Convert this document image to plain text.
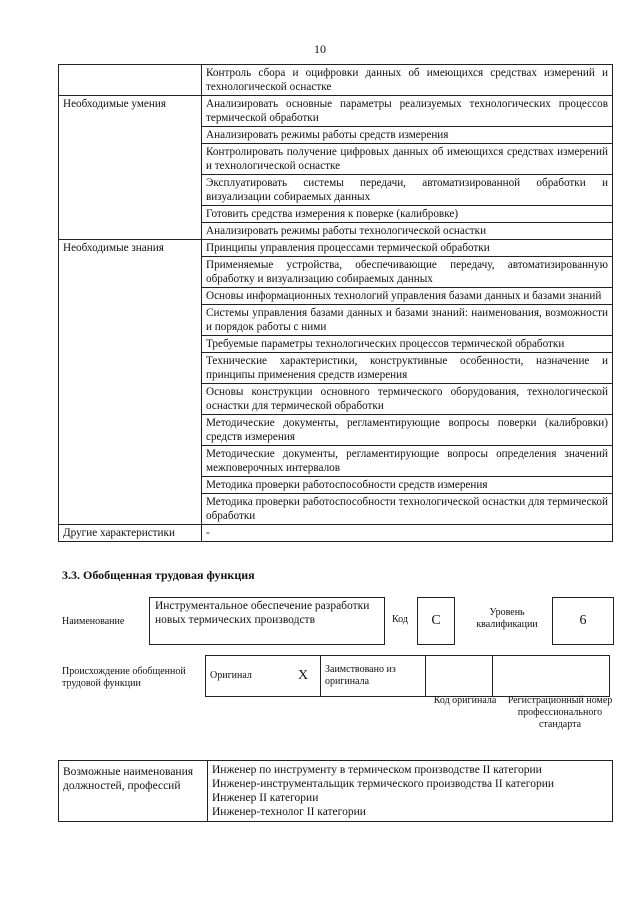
10
	Контроль сбора и оцифровки данных об имеющихся средствах измерений и технологической оснастке
Необходимые умения	Анализировать основные параметры реализуемых технологических процессов термической обработки
	Анализировать режимы работы средств измерения
	Контролировать получение цифровых данных об имеющихся средствах измерений и технологической оснастке
	Эксплуатировать системы передачи, автоматизированной обработки и визуализации собираемых данных
	Готовить средства измерения к поверке (калибровке)
	Анализировать режимы работы технологической оснастки
Необходимые знания	Принципы управления процессами термической обработки
	Применяемые устройства, обеспечивающие передачу, автоматизированную обработку и визуализацию собираемых данных
	Основы информационных технологий управления базами данных и базами знаний
	Системы управления базами данных и базами знаний: наименования, возможности и порядок работы с ними
	Требуемые параметры технологических процессов термической обработки
	Технические характеристики, конструктивные особенности, назначение и принципы применения средств измерения
	Основы конструкции основного термического оборудования, технологической оснастки для термической обработки
	Методические документы, регламентирующие вопросы поверки (калибровки) средств измерения
	Методические документы, регламентирующие вопросы определения значений межповерочных интервалов
	Методика проверки работоспособности средств измерения
	Методика проверки работоспособности технологической оснастки для термической обработки
Другие характеристики	-
3.3. Обобщенная трудовая функция
Наименование
Инструментальное обеспечение разработки новых термических производств	Код	C
Уровень квалификации	6
Происхождение обобщенной трудовой функции
Оригинал	X	Заимствовано из оригинала		
Код оригинала	Регистрационный номер профессионального стандарта
Возможные наименования должностей, профессий	
Инженер по инструменту в термическом производстве II категории
Инженер-инструментальщик термического производства II категории
Инженер II категории
Инженер-технолог II категории
